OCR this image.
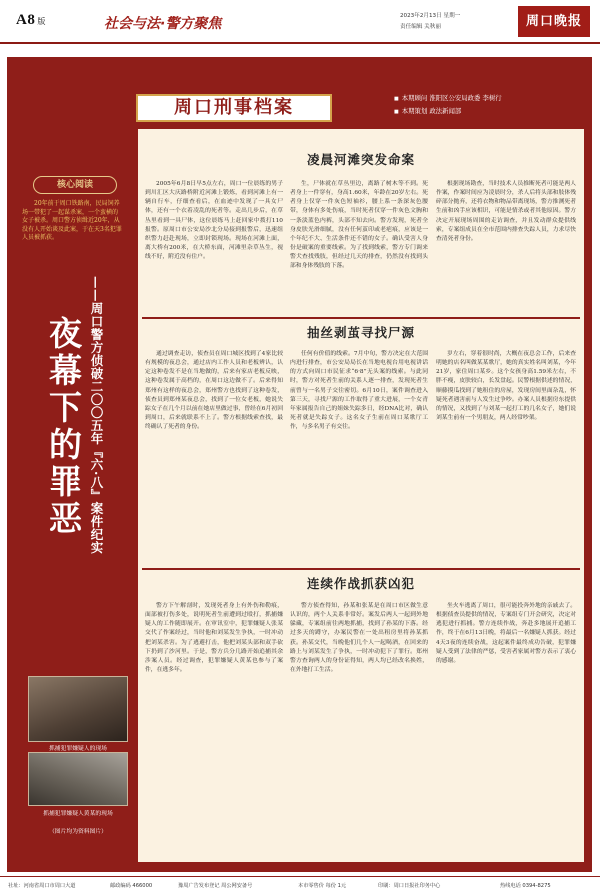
A8 版	社会与法·警方聚焦	2023年2月13日 星期一
责任编辑 关秋丽	周口晚报
周口刑事档案
■	本期顾问 淮阳区公安局政委 李树行
■ 本期策划 政法新闻部
核心阅读
20年前于周口铁路南，民局饲养场一带犯了一起谋杀案，一个蛮横的女子被杀。周口警方侦缉近20年，从没有人开始谈及此案，于在天3名犯罪人员被抓获。
——周口警方侦破二〇〇五年『六·八』案件纪实
夜幕下的罪恶
抓捕犯罪嫌疑人的现场
抓捕犯罪嫌疑人黄某的现场
（图片均为资料图片）
凌晨河滩突发命案

2005年6月8日早5点左右，周口一位晨练的男子到川汇区大庆路桥附近河滩上锻炼，看到河滩上有一辆自行车，仔细查看后，在血迹中发现了一具女尸体，还有一个衣着凌乱的死者等。走出几步后，在草丛里看到一具尸体，这位晨练马上赶回家中拨打110报警。原周口市公安局沙北分局接到报警后，迅速组织警力赶赴现场，立即封锁现场。现场在河滩上面，离大桥有200米，在大桥东面，河滩里杂草丛生，视线不好，附近没有住户。

生，尸体就在草丛里边，离路了树木等不到。死者身上一件穿有，身高1.60米，年龄在20岁左右。死者身上仅穿一件灰色短袖衫，腰上系一条深灰色腰带，身体有多处伤痕，当时死者仅穿一件灰色文胸和一条淡蓝色内裤，头部不知去向。警方发现，死者全身皮肤光滑细腻，没有任何茧印或老疤痕，应该是一个年纪不大、生活条件还不错的女子。确认受害人身份是破案的重要线索。为了找到线索，警方专门调来警犬查找残肢，但经过几天的排查，仍然没有找到头部和身体残肢的下落。

根据现场勘查，当时技术人员推断死者可能是两人作案，作案时间应为凌晨时分，杀人后将头部和肢体残碎部分抛弃，还将衣物和物品带离现场，警方推测死者生前和凶手应该相识，可能是情杀或者其他原因。警方决定开展现场周围的走访调查，并且发动群众提供线索，专案组成员在全市范围内排查失踪人员，力求尽快查清死者身份。

抽丝剥茧寻找尸源

通过调查走访，侦查员在周口城区找到了4家比较有规模的夜总会，通过店内工作人员和老板辨认，认定这种卷发不是在当地做的，后来有家店老板反映，这种卷发属于高档的，在周口这边做不了。后来得知郑州有这样的夜总会，郑州警方也找到了这种卷发，侦查员到郑州某夜总会，找到了一位女老板，她说失踪女子在几个月以前在她店里做过事，曾经在6月初回到周口，后来就联系不上了。警方根据线索查找，最终确认了死者的身份。

任何有价值的线索。7月中旬，警方决定在大范围内进行排查，市公安局局长在当地电视台用电视讲话的方式向周口市民征求“6·8”无头案的线索。与此同时，警方对死者生前的关系人逐一排查，发现死者生前曾与一名男子交往密切。6月10日，案件调查进入第三天，寻找尸源的工作取得了重大进展，一个女青年家属报告自己的姐妹失踪多日，经DNA比对，确认死者就是失踪女子。这名女子生前在周口某歌厅工作，与多名男子有交往。

岁左右，穿着很时尚，大概在夜总会工作，后来查明她的店名叫做某某歌厅，她的真实姓名叫刘某，今年21岁，家住周口某乡。这个女孩身高1.59米左右，不胖不瘦，皮肤较白，长发盘起。民警根据供述的情况，顺藤摸瓜找到了她租住的房屋，发现房间里面杂乱，怀疑死者遇害前与人发生过争吵。办案人员根据房东提供的情况，又找到了与刘某一起打工的几名女子，她们说刘某生前有一个男朋友，两人经常吵架。

连续作战抓获凶犯

警方下午解剖时，发现死者身上有外伤和勒痕，面部被打伤多处，说明死者生前遭到过殴打，抓捕嫌疑人的工作随即展开。在审讯室中，犯罪嫌疑人张某交代了作案经过，当时他和刘某发生争执，一时冲动把刘某杀害。为了逃避打击，他把刘某头部和双手砍下扔到了沙河里。于是，警方兵分几路开始追捕其余涉案人员。经过调查，犯罪嫌疑人黄某也参与了案件，在逃多年。

警方侦查得知，孙某和张某是在周口市区做生意认识的，两个人关系非常好。案发后两人一起到外地躲藏，专案组前往两地抓捕，找到了孙某的下落。经过多天的蹲守，办案民警在一处出租房里将孙某抓获。孙某交代，当晚他们几个人一起喝酒，在回来的路上与刘某发生了争执，一时冲动犯下了罪行。郑州警方查询两人的身份证得知，两人均已经改名换姓，在外地打工生活。

坐火车逃离了周口，很可能投奔外地的亲戚去了。根据侦查员提供的情况，专案组专门开会研究，决定对逃犯进行抓捕。警方连续作战，奔赴多地展开追捕工作，终于在6月13日晚，将最后一名嫌疑人抓获。经过4天3夜的连续奋战，这起案件最终成功告破，犯罪嫌疑人受到了法律的严惩，受害者家属对警方表示了衷心的感谢。

社址：河南省周口市周口大道	邮政编码 466000	豫周广告发布登记 周公网安备号	本市零售价 每份 1元	印刷：周口日报社印务中心	热线电话 0394-8275
